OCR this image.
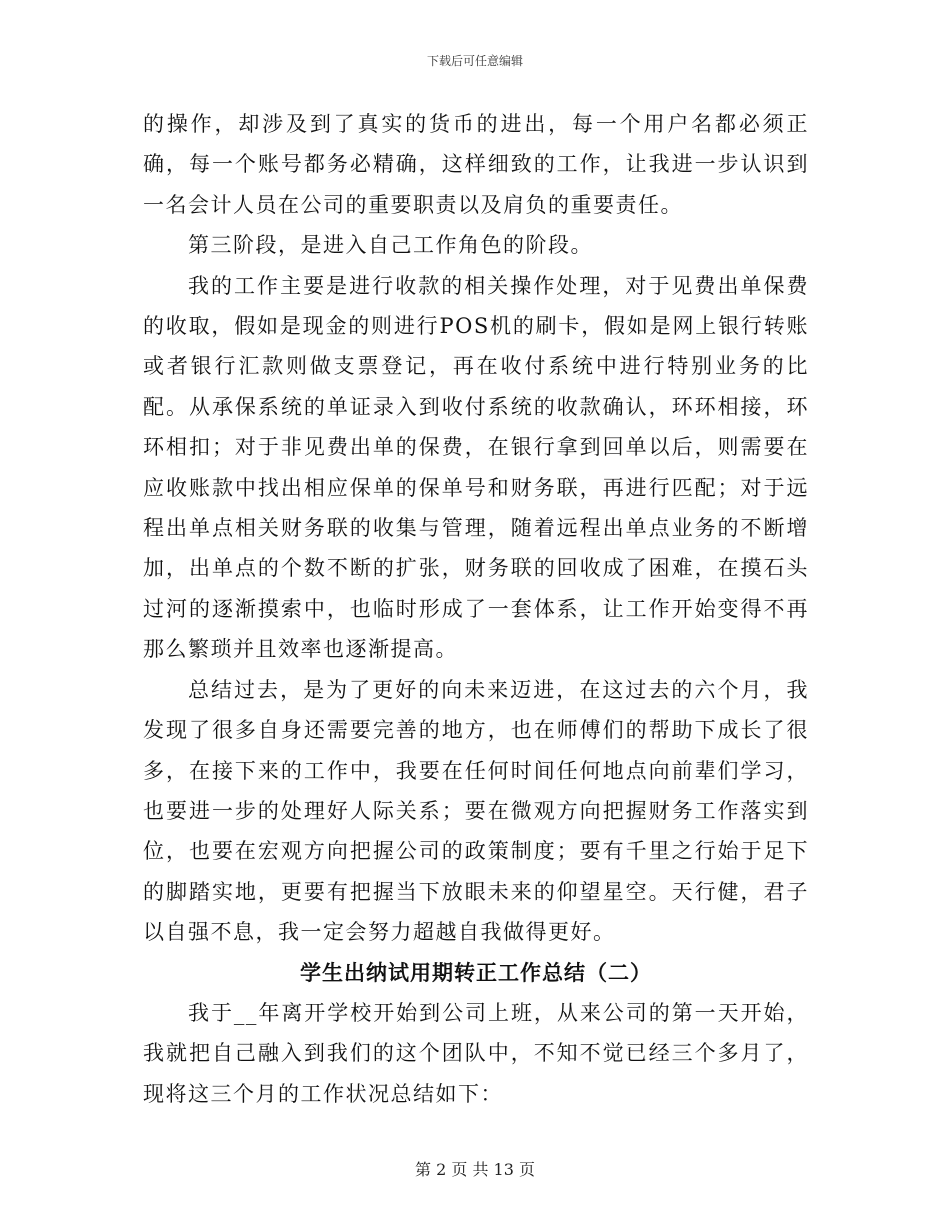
下载后可任意编辑

的操作，却涉及到了真实的货币的进出，每一个用户名都必须正确，每一个账号都务必精确，这样细致的工作，让我进一步认识到一名会计人员在公司的重要职责以及肩负的重要责任。

第三阶段，是进入自己工作角色的阶段。

我的工作主要是进行收款的相关操作处理，对于见费出单保费的收取，假如是现金的则进行POS机的刷卡，假如是网上银行转账或者银行汇款则做支票登记，再在收付系统中进行特别业务的比配。从承保系统的单证录入到收付系统的收款确认，环环相接，环环相扣；对于非见费出单的保费，在银行拿到回单以后，则需要在应收账款中找出相应保单的保单号和财务联，再进行匹配；对于远程出单点相关财务联的收集与管理，随着远程出单点业务的不断增加，出单点的个数不断的扩张，财务联的回收成了困难，在摸石头过河的逐渐摸索中，也临时形成了一套体系，让工作开始变得不再那么繁琐并且效率也逐渐提高。

总结过去，是为了更好的向未来迈进，在这过去的六个月，我发现了很多自身还需要完善的地方，也在师傅们的帮助下成长了很多，在接下来的工作中，我要在任何时间任何地点向前辈们学习，也要进一步的处理好人际关系；要在微观方向把握财务工作落实到位，也要在宏观方向把握公司的政策制度；要有千里之行始于足下的脚踏实地，更要有把握当下放眼未来的仰望星空。天行健，君子以自强不息，我一定会努力超越自我做得更好。

学生出纳试用期转正工作总结（二）

我于__年离开学校开始到公司上班，从来公司的第一天开始，我就把自己融入到我们的这个团队中，不知不觉已经三个多月了，现将这三个月的工作状况总结如下：

第 2 页 共 13 页
